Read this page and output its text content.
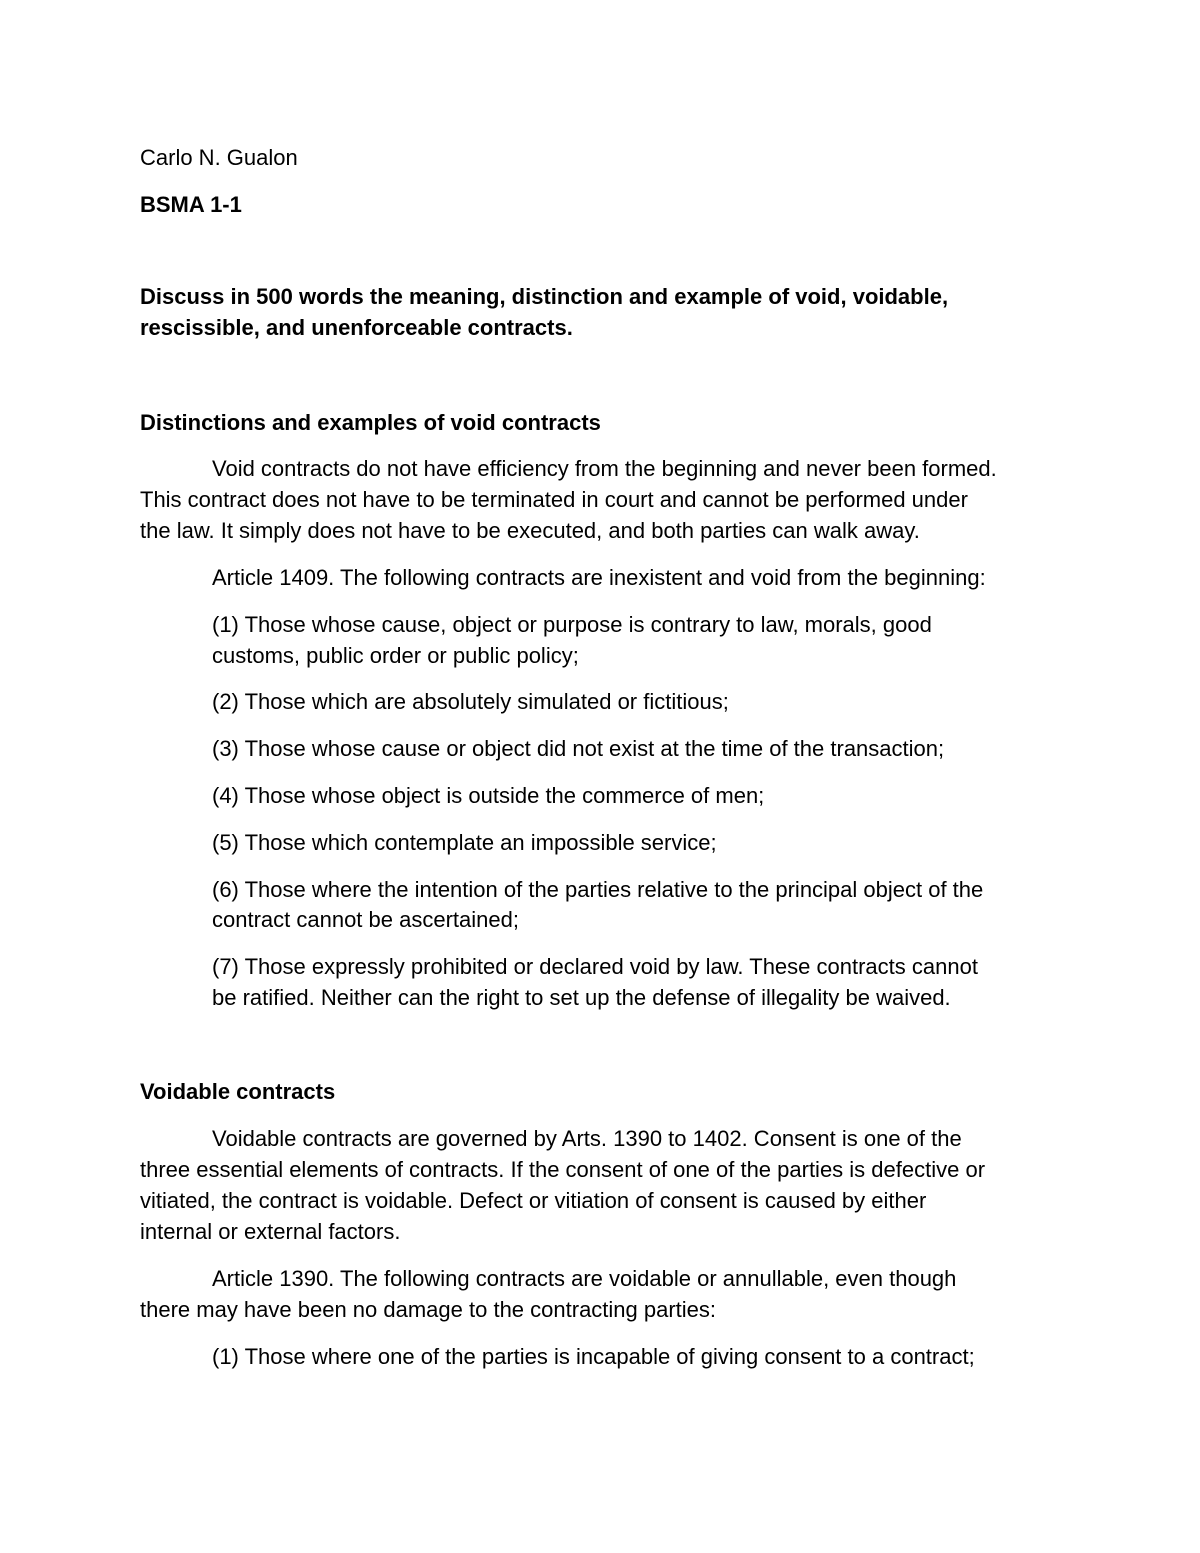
Carlo N. Gualon

BSMA 1-1

Discuss in 500 words the meaning, distinction and example of void, voidable,

rescissible, and unenforceable contracts.

Distinctions and examples of void contracts

Void contracts do not have efficiency from the beginning and never been formed.

This contract does not have to be terminated in court and cannot be performed under

the law. It simply does not have to be executed, and both parties can walk away.

Article 1409. The following contracts are inexistent and void from the beginning:

(1) Those whose cause, object or purpose is contrary to law, morals, good

customs, public order or public policy;

(2) Those which are absolutely simulated or fictitious;

(3) Those whose cause or object did not exist at the time of the transaction;

(4) Those whose object is outside the commerce of men;

(5) Those which contemplate an impossible service;

(6) Those where the intention of the parties relative to the principal object of the

contract cannot be ascertained;

(7) Those expressly prohibited or declared void by law. These contracts cannot

be ratified. Neither can the right to set up the defense of illegality be waived.

Voidable contracts

Voidable contracts are governed by Arts. 1390 to 1402. Consent is one of the

three essential elements of contracts. If the consent of one of the parties is defective or

vitiated, the contract is voidable. Defect or vitiation of consent is caused by either

internal or external factors.

Article 1390. The following contracts are voidable or annullable, even though

there may have been no damage to the contracting parties:

(1) Those where one of the parties is incapable of giving consent to a contract;
